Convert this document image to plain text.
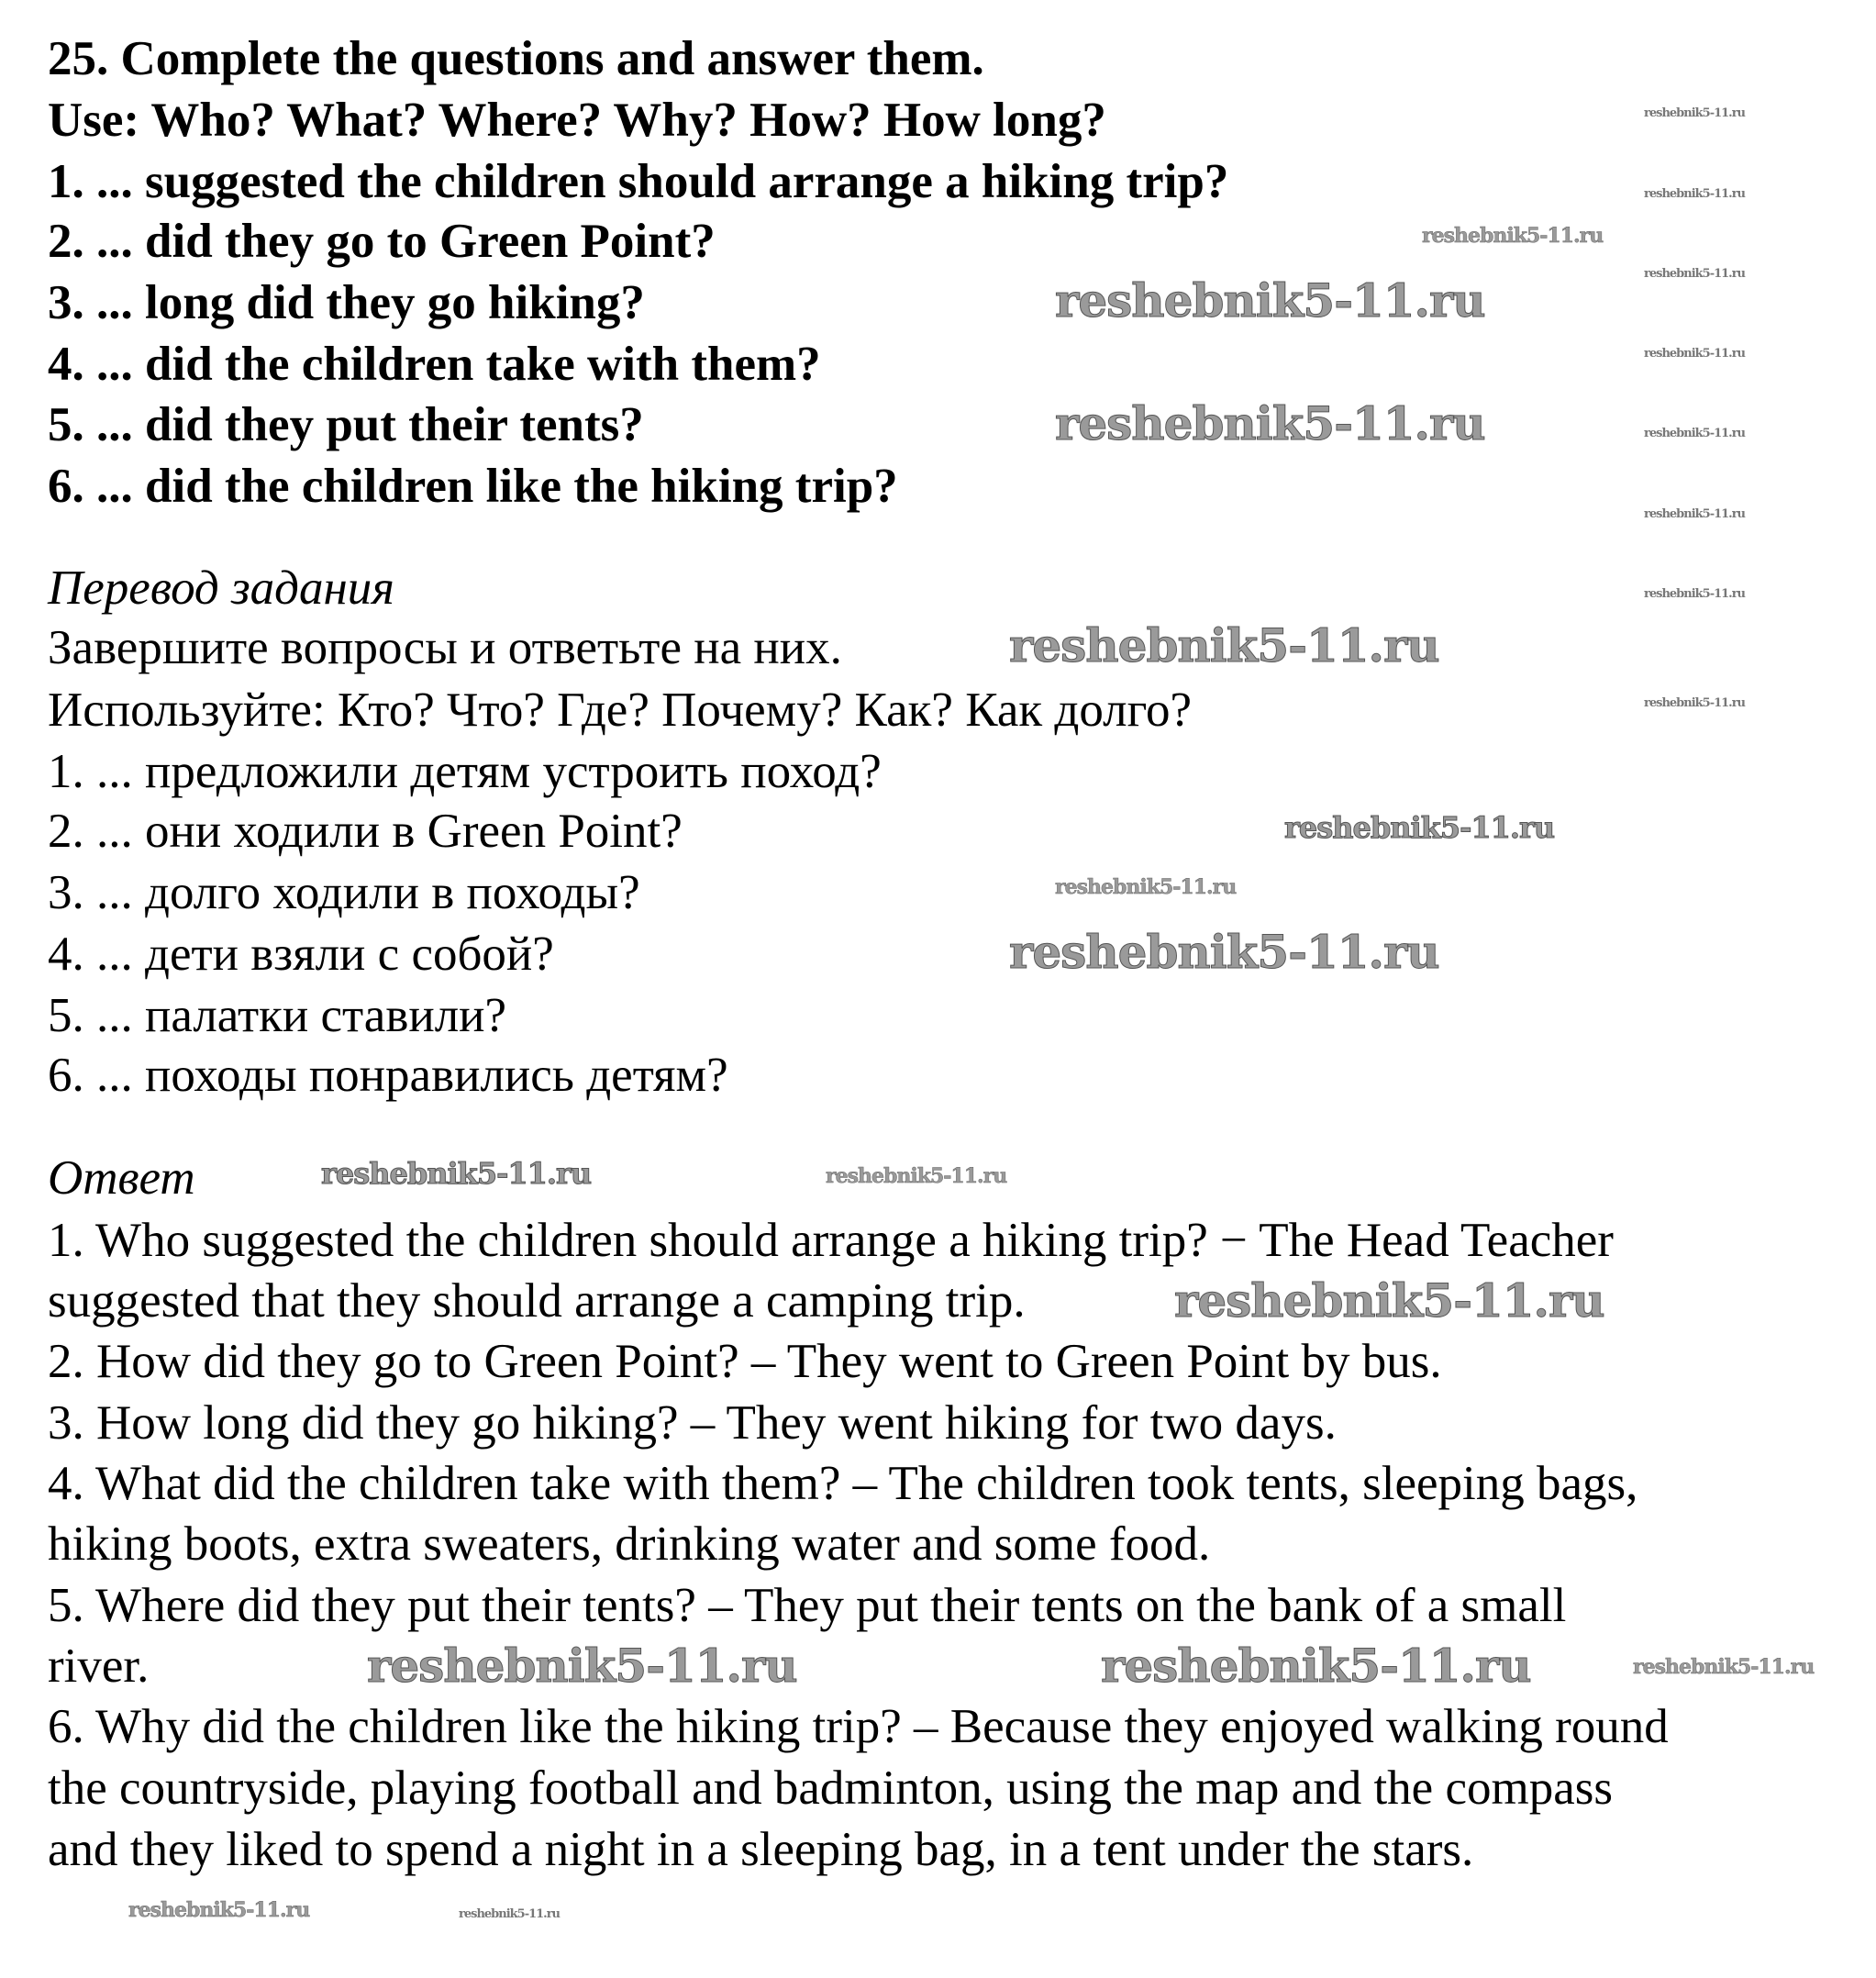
25. Complete the questions and answer them.
Use: Who? What? Where? Why? How? How long?
1. ... suggested the children should arrange a hiking trip?
2. ... did they go to Green Point?
3. ... long did they go hiking?
4. ... did the children take with them?
5. ... did they put their tents?
6. ... did the children like the hiking trip?
Перевод задания
Завершите вопросы и ответьте на них.
Используйте: Кто? Что? Где? Почему? Как? Как долго?
1. ... предложили детям устроить поход?
2. ... они ходили в Green Point?
3. ... долго ходили в походы?
4. ... дети взяли с собой?
5. ... палатки ставили?
6. ... походы понравились детям?
Ответ
1. Who suggested the children should arrange a hiking trip? − The Head Teacher
suggested that they should arrange a camping trip.
2. How did they go to Green Point? – They went to Green Point by bus.
3. How long did they go hiking? – They went hiking for two days.
4. What did the children take with them? – The children took tents, sleeping bags,
hiking boots, extra sweaters, drinking water and some food.
5. Where did they put their tents? – They put their tents on the bank of a small
river.
6. Why did the children like the hiking trip? – Because they enjoyed walking round
the countryside, playing football and badminton, using the map and the compass
and they liked to spend a night in a sleeping bag, in a tent under the stars.
reshebnik5-11.ru
reshebnik5-11.ru
reshebnik5-11.ru
reshebnik5-11.ru
reshebnik5-11.ru
reshebnik5-11.ru
reshebnik5-11.ru	reshebnik5-11.ru
reshebnik5-11.ru
reshebnik5-11.ru
reshebnik5-11.ru	reshebnik5-11.ru
reshebnik5-11.ru
reshebnik5-11.ru
reshebnik5-11.ru
reshebnik5-11.ru
reshebnik5-11.ru
reshebnik5-11.ru
reshebnik5-11.ru
reshebnik5-11.ru
reshebnik5-11.ru
reshebnik5-11.ru
reshebnik5-11.ru
